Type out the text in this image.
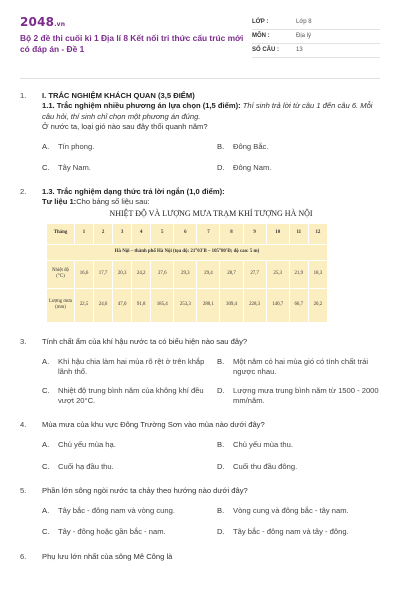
2048.vn
Bộ 2 đề thi cuối kì 1 Địa lí 8 Kết nối tri thức cấu trúc mới có đáp án - Đề 1
LỚP :	Lớp 8
MÔN :	Địa lý
SỐ CÂU :	13
1.	I. TRẮC NGHIỆM KHÁCH QUAN (3,5 ĐIỂM)
1.1. Trắc nghiệm nhiều phương án lựa chọn (1,5 điểm): Thí sinh trả lời từ câu 1 đến câu 6. Mỗi câu hỏi, thí sinh chỉ chọn một phương án đúng.
Ở nước ta, loại gió nào sau đây thổi quanh năm?
A.	Tín phong.	B.	Đông Bắc.
C.	Tây Nam.	D.	Đông Nam.
2.	1.3. Trắc nghiệm dạng thức trả lời ngắn (1,0 điểm):
Tư liệu 1:Cho bảng số liệu sau:
NHIỆT ĐỘ VÀ LƯỢNG MƯA TRẠM KHÍ TƯỢNG HÀ NỘI
Tháng	1	2	3	4	5	6	7	8	9	10	11	12
Hà Nội – thành phố Hà Nội (tọa độ: 21°03'B – 105°80'Đ; độ cao: 5 m)												
Nhiệt độ (°C)	16,6	17,7	20,3	24,2	27,6	29,3	29,4	28,7	27,7	25,3	21,9	18,3
Lượng mưa (mm)	22,5	24,6	47,0	91,8	185,4	253,3	280,1	309,4	228,3	140,7	66,7	20,2
3.	Tính chất ẩm của khí hậu nước ta có biểu hiện nào sau đây?
A.	Khí hậu chia làm hai mùa rõ rệt ở trên khắp lãnh thổ.
B.	Một năm có hai mùa gió có tính chất trái ngược nhau.
C.	Nhiệt độ trung bình năm của không khí đều vượt 20°C.
D.	Lượng mưa trung bình năm từ 1500 - 2000 mm/năm.
4.	Mùa mưa của khu vực Đông Trường Sơn vào mùa nào dưới đây?
A.	Chủ yếu mùa hạ.	B.	Chủ yếu mùa thu.
C.	Cuối hạ đầu thu.	D.	Cuối thu đầu đông.
5.	Phần lớn sông ngòi nước ta chảy theo hướng nào dưới đây?
A.	Tây bắc - đông nam và vòng cung.	B.	Vòng cung và đông bắc - tây nam.
C.	Tây - đông hoặc gần bắc - nam.	D.	Tây bắc - đông nam và tây - đông.
6.	Phụ lưu lớn nhất của sông Mê Công là
